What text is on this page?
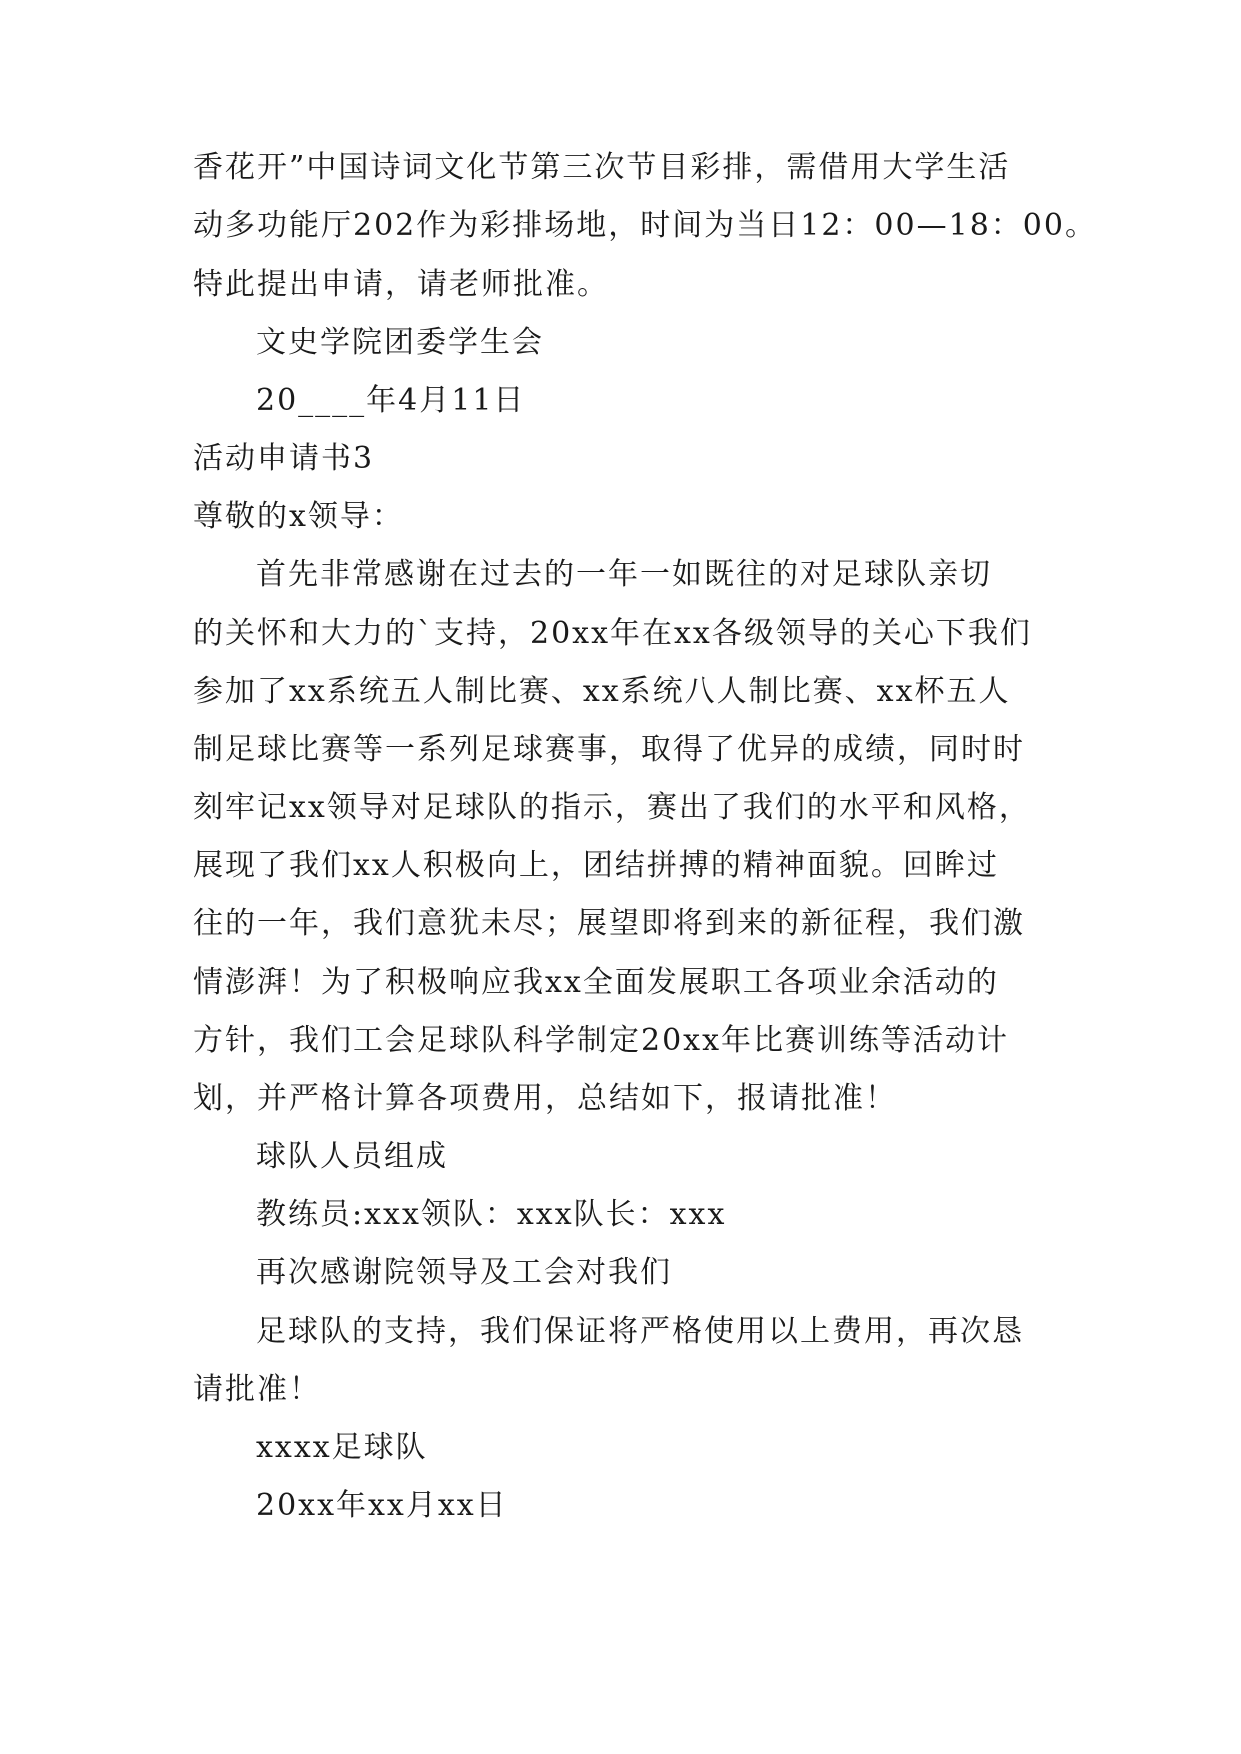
香花开”中国诗词文化节第三次节目彩排，需借用大学生活
动多功能厅202作为彩排场地，时间为当日12：00—18：00。
特此提出申请，请老师批准。
文史学院团委学生会
20____年4月11日
活动申请书3
尊敬的x领导：
首先非常感谢在过去的一年一如既往的对足球队亲切
的关怀和大力的`支持，20xx年在xx各级领导的关心下我们
参加了xx系统五人制比赛、xx系统八人制比赛、xx杯五人
制足球比赛等一系列足球赛事，取得了优异的成绩，同时时
刻牢记xx领导对足球队的指示，赛出了我们的水平和风格，
展现了我们xx人积极向上，团结拼搏的精神面貌。回眸过
往的一年，我们意犹未尽；展望即将到来的新征程，我们激
情澎湃！为了积极响应我xx全面发展职工各项业余活动的
方针，我们工会足球队科学制定20xx年比赛训练等活动计
划，并严格计算各项费用，总结如下，报请批准！
球队人员组成
教练员:xxx领队：xxx队长：xxx
再次感谢院领导及工会对我们
足球队的支持，我们保证将严格使用以上费用，再次恳
请批准！
xxxx足球队
20xx年xx月xx日
